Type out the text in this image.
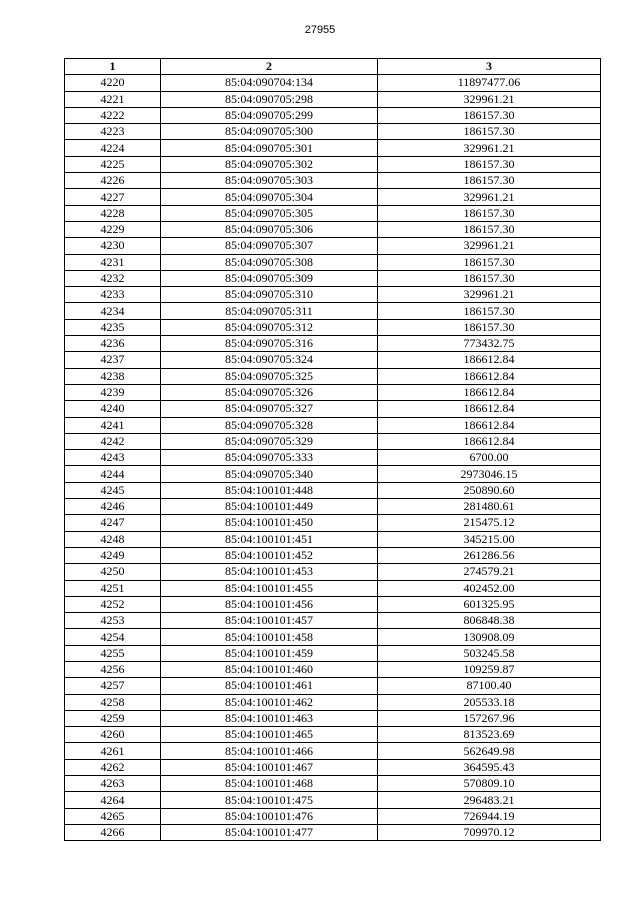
27955
1	2	3
4220	85:04:090704:134	11897477.06
4221	85:04:090705:298	329961.21
4222	85:04:090705:299	186157.30
4223	85:04:090705:300	186157.30
4224	85:04:090705:301	329961.21
4225	85:04:090705:302	186157.30
4226	85:04:090705:303	186157.30
4227	85:04:090705:304	329961.21
4228	85:04:090705:305	186157.30
4229	85:04:090705:306	186157.30
4230	85:04:090705:307	329961.21
4231	85:04:090705:308	186157.30
4232	85:04:090705:309	186157.30
4233	85:04:090705:310	329961.21
4234	85:04:090705:311	186157.30
4235	85:04:090705:312	186157.30
4236	85:04:090705:316	773432.75
4237	85:04:090705:324	186612.84
4238	85:04:090705:325	186612.84
4239	85:04:090705:326	186612.84
4240	85:04:090705:327	186612.84
4241	85:04:090705:328	186612.84
4242	85:04:090705:329	186612.84
4243	85:04:090705:333	6700.00
4244	85:04:090705:340	2973046.15
4245	85:04:100101:448	250890.60
4246	85:04:100101:449	281480.61
4247	85:04:100101:450	215475.12
4248	85:04:100101:451	345215.00
4249	85:04:100101:452	261286.56
4250	85:04:100101:453	274579.21
4251	85:04:100101:455	402452.00
4252	85:04:100101:456	601325.95
4253	85:04:100101:457	806848.38
4254	85:04:100101:458	130908.09
4255	85:04:100101:459	503245.58
4256	85:04:100101:460	109259.87
4257	85:04:100101:461	87100.40
4258	85:04:100101:462	205533.18
4259	85:04:100101:463	157267.96
4260	85:04:100101:465	813523.69
4261	85:04:100101:466	562649.98
4262	85:04:100101:467	364595.43
4263	85:04:100101:468	570809.10
4264	85:04:100101:475	296483.21
4265	85:04:100101:476	726944.19
4266	85:04:100101:477	709970.12
